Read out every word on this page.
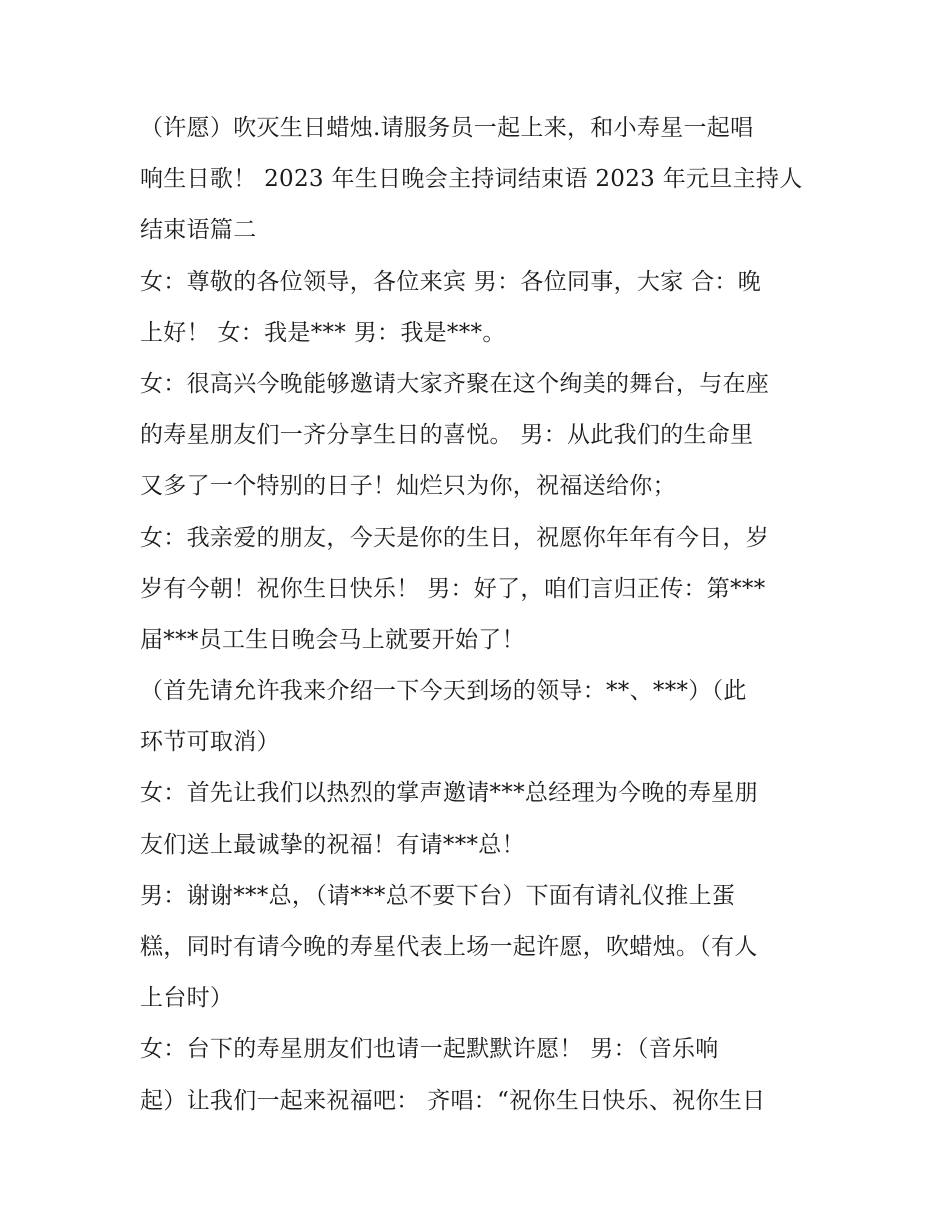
（许愿）吹灭生日蜡烛.请服务员一起上来，和小寿星一起唱
响生日歌！ 2023 年生日晚会主持词结束语 2023 年元旦主持人
结束语篇二
女：尊敬的各位领导，各位来宾 男：各位同事，大家 合：晚
上好！ 女：我是*** 男：我是***。
女：很高兴今晚能够邀请大家齐聚在这个绚美的舞台，与在座
的寿星朋友们一齐分享生日的喜悦。 男：从此我们的生命里
又多了一个特别的日子！灿烂只为你，祝福送给你；
女：我亲爱的朋友，今天是你的生日，祝愿你年年有今日，岁
岁有今朝！祝你生日快乐！ 男：好了，咱们言归正传：第***
届***员工生日晚会马上就要开始了！
（首先请允许我来介绍一下今天到场的领导：**、***）（此
环节可取消）
女：首先让我们以热烈的掌声邀请***总经理为今晚的寿星朋
友们送上最诚挚的祝福！有请***总！
男：谢谢***总，（请***总不要下台）下面有请礼仪推上蛋
糕，同时有请今晚的寿星代表上场一起许愿，吹蜡烛。（有人
上台时）
女：台下的寿星朋友们也请一起默默许愿！ 男：（音乐响
起）让我们一起来祝福吧： 齐唱：“祝你生日快乐、祝你生日
